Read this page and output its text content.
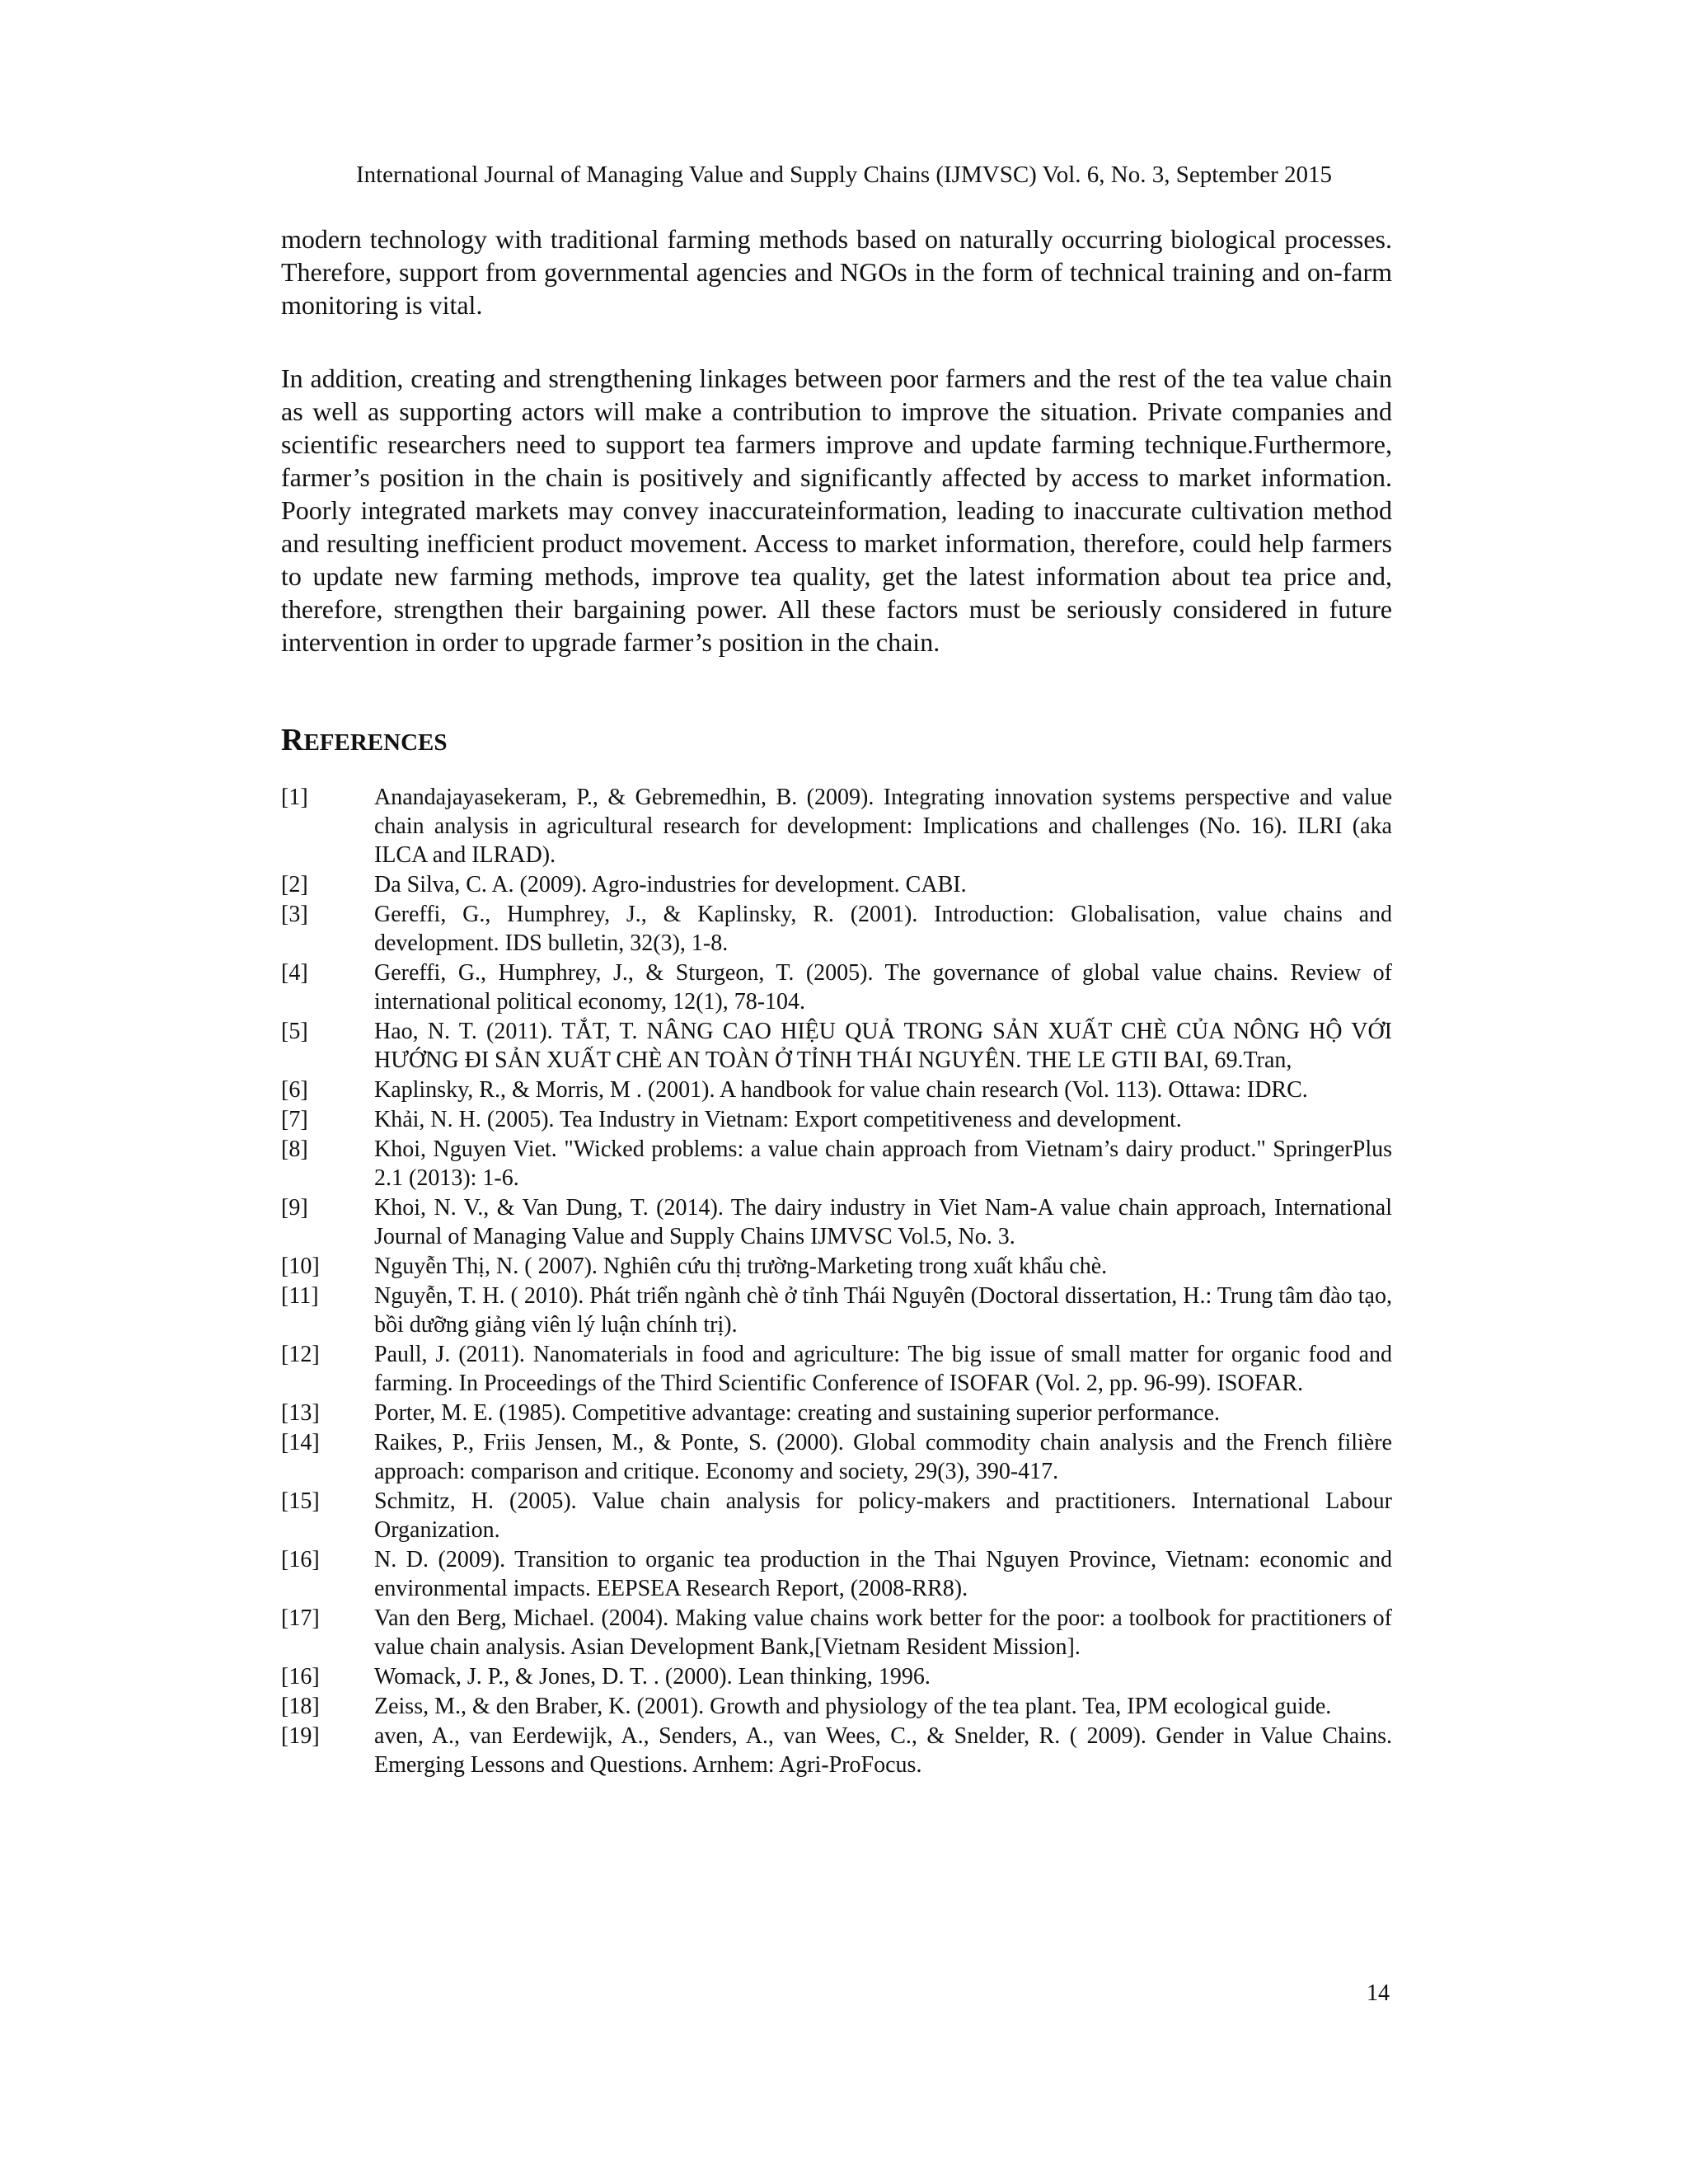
International Journal of Managing Value and Supply Chains (IJMVSC) Vol. 6, No. 3, September 2015

modern technology with traditional farming methods based on naturally occurring biological processes. Therefore, support from governmental agencies and NGOs in the form of technical training and on-farm monitoring is vital.

In addition, creating and strengthening linkages between poor farmers and the rest of the tea value chain as well as supporting actors will make a contribution to improve the situation. Private companies and scientific researchers need to support tea farmers improve and update farming technique.Furthermore, farmer’s position in the chain is positively and significantly affected by access to market information. Poorly integrated markets may convey inaccurateinformation, leading to inaccurate cultivation method and resulting inefficient product movement. Access to market information, therefore, could help farmers to update new farming methods, improve tea quality, get the latest information about tea price and, therefore, strengthen their bargaining power. All these factors must be seriously considered in future intervention in order to upgrade farmer’s position in the chain.

REFERENCES
[1]	Anandajayasekeram, P., & Gebremedhin, B. (2009). Integrating innovation systems perspective and value chain analysis in agricultural research for development: Implications and challenges (No. 16). ILRI (aka ILCA and ILRAD).
[2]	Da Silva, C. A. (2009). Agro-industries for development. CABI.
[3]	Gereffi, G., Humphrey, J., & Kaplinsky, R. (2001). Introduction: Globalisation, value chains and development. IDS bulletin, 32(3), 1-8.
[4]	Gereffi, G., Humphrey, J., & Sturgeon, T. (2005). The governance of global value chains. Review of international political economy, 12(1), 78-104.
[5]	Hao, N. T. (2011). TẮT, T. NÂNG CAO HIỆU QUẢ TRONG SẢN XUẤT CHÈ CỦA NÔNG HỘ VỚI HƯỚNG ĐI SẢN XUẤT CHÈ AN TOÀN Ở TỈNH THÁI NGUYÊN. THE LE GTII BAI, 69.Tran,
[6]	Kaplinsky, R., & Morris, M . (2001). A handbook for value chain research (Vol. 113). Ottawa: IDRC.
[7]	Khải, N. H. (2005). Tea Industry in Vietnam: Export competitiveness and development.
[8]	Khoi, Nguyen Viet. "Wicked problems: a value chain approach from Vietnam’s dairy product." SpringerPlus 2.1 (2013): 1-6.
[9]	Khoi, N. V., & Van Dung, T. (2014). The dairy industry in Viet Nam-A value chain approach, International Journal of Managing Value and Supply Chains IJMVSC Vol.5, No. 3.
[10]	Nguyễn Thị, N. ( 2007). Nghiên cứu thị trường-Marketing trong xuất khẩu chè.
[11]	Nguyễn, T. H. ( 2010). Phát triển ngành chè ở tỉnh Thái Nguyên (Doctoral dissertation, H.: Trung tâm đào tạo, bồi dưỡng giảng viên lý luận chính trị).
[12]	Paull, J. (2011). Nanomaterials in food and agriculture: The big issue of small matter for organic food and farming. In Proceedings of the Third Scientific Conference of ISOFAR (Vol. 2, pp. 96-99). ISOFAR.
[13]	Porter, M. E. (1985). Competitive advantage: creating and sustaining superior performance.
[14]	Raikes, P., Friis Jensen, M., & Ponte, S. (2000). Global commodity chain analysis and the French filière approach: comparison and critique. Economy and society, 29(3), 390-417.
[15]	Schmitz, H. (2005). Value chain analysis for policy-makers and practitioners. International Labour Organization.
[16]	N. D. (2009). Transition to organic tea production in the Thai Nguyen Province, Vietnam: economic and environmental impacts. EEPSEA Research Report, (2008-RR8).
[17]	Van den Berg, Michael. (2004). Making value chains work better for the poor: a toolbook for practitioners of value chain analysis. Asian Development Bank,[Vietnam Resident Mission].
[16]	Womack, J. P., & Jones, D. T. . (2000). Lean thinking, 1996.
[18]	Zeiss, M., & den Braber, K. (2001). Growth and physiology of the tea plant. Tea, IPM ecological guide.
[19]	aven, A., van Eerdewijk, A., Senders, A., van Wees, C., & Snelder, R. ( 2009). Gender in Value Chains. Emerging Lessons and Questions. Arnhem: Agri-ProFocus.
14
